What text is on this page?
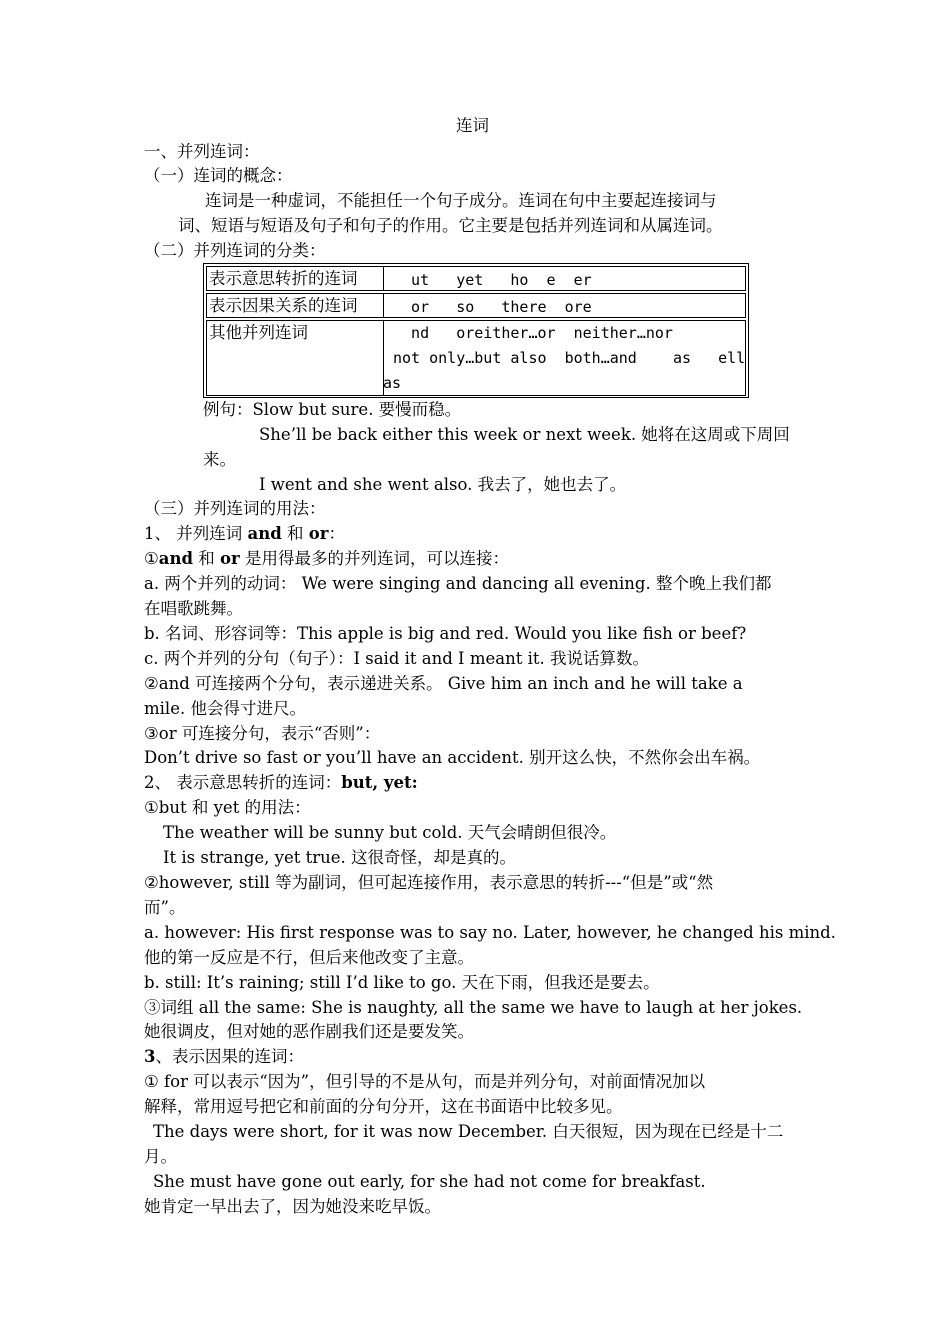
连词
一、并列连词：
（一）连词的概念：
连词是一种虚词，不能担任一个句子成分。连词在句中主要起连接词与
词、短语与短语及句子和句子的作用。它主要是包括并列连词和从属连词。
（二）并列连词的分类：
表示意思转折的连词 ut   yet   ho  e  er
表示因果关系的连词 or   so   there  ore
其他并列连词	nd   oreither…or  neither…nor
not only…but also  both…and    as   ell
as
例句：Slow but sure. 要慢而稳。
She’ll be back either this week or next week. 她将在这周或下周回
来。
I went and she went also. 我去了，她也去了。
（三）并列连词的用法：
1、 并列连词 and 和 or：
①and 和 or 是用得最多的并列连词，可以连接：
a. 两个并列的动词： We were singing and dancing all evening. 整个晚上我们都
在唱歌跳舞。
b. 名词、形容词等：This apple is big and red. Would you like fish or beef?
c. 两个并列的分句（句子）：I said it and I meant it. 我说话算数。
②and 可连接两个分句，表示递进关系。 Give him an inch and he will take a
mile. 他会得寸进尺。
③or 可连接分句，表示“否则”：
Don’t drive so fast or you’ll have an accident. 别开这么快，不然你会出车祸。
2、 表示意思转折的连词：but, yet:
①but 和 yet 的用法：
The weather will be sunny but cold. 天气会晴朗但很冷。
It is strange, yet true. 这很奇怪，却是真的。
②however, still 等为副词，但可起连接作用，表示意思的转折---“但是”或“然
而”。
a. however: His first response was to say no. Later, however, he changed his mind.
他的第一反应是不行，但后来他改变了主意。
b. still: It’s raining; still I’d like to go. 天在下雨，但我还是要去。
③词组 all the same: She is naughty, all the same we have to laugh at her jokes.
她很调皮，但对她的恶作剧我们还是要发笑。
3、表示因果的连词：
① for 可以表示“因为”，但引导的不是从句，而是并列分句，对前面情况加以
解释，常用逗号把它和前面的分句分开，这在书面语中比较多见。
The days were short, for it was now December. 白天很短，因为现在已经是十二
月。
She must have gone out early, for she had not come for breakfast.
她肯定一早出去了，因为她没来吃早饭。
